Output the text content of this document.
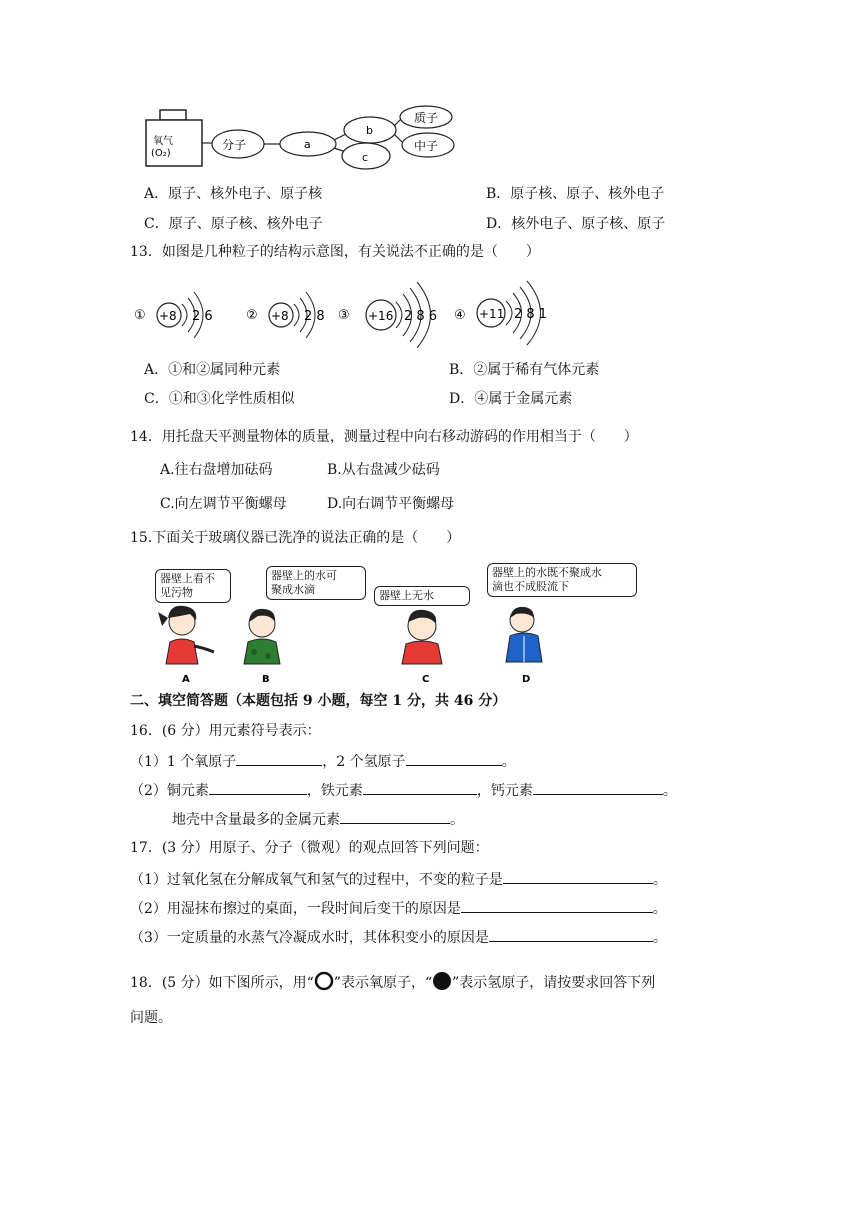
氧气
(O₂)
分子	a
b
c
质子
中子
A．原子、核外电子、原子核	B．原子核、原子、核外电子
C．原子、原子核、核外电子	D．核外电子、原子核、原子
13．如图是几种粒子的结构示意图，有关说法不正确的是（　　）
① +8 2 6	② +8 2 8 ③ +16 2 8 6 ④ +11 2 8 1
A．①和②属同种元素	B．②属于稀有气体元素
C．①和③化学性质相似	D．④属于金属元素
14．用托盘天平测量物体的质量，测量过程中向右移动游码的作用相当于（　　）
A.往右盘增加砝码	B.从右盘减少砝码
C.向左调节平衡螺母	D.向右调节平衡螺母
15.下面关于玻璃仪器已洗净的说法正确的是（　　）
器壁上看不
见污物
器壁上的水可
聚成水滴	器壁上无水
器壁上的水既不聚成水
滴也不成股流下
A	B	C	D
二、填空简答题（本题包括 9 小题，每空 1 分，共 46 分）
16．(6 分）用元素符号表示：
（1）1 个氧原子	，2 个氢原子	。
（2）铜元素	，铁元素	，钙元素	。
地壳中含量最多的金属元素	。
17．(3 分）用原子、分子（微观）的观点回答下列问题：
（1）过氧化氢在分解成氧气和氢气的过程中，不变的粒子是	。
（2）用湿抹布擦过的桌面，一段时间后变干的原因是	。
（3）一定质量的水蒸气冷凝成水时，其体积变小的原因是	。
18．(5 分）如下图所示，用“ ”表示氧原子，“ ”表示氢原子，请按要求回答下列
问题。
